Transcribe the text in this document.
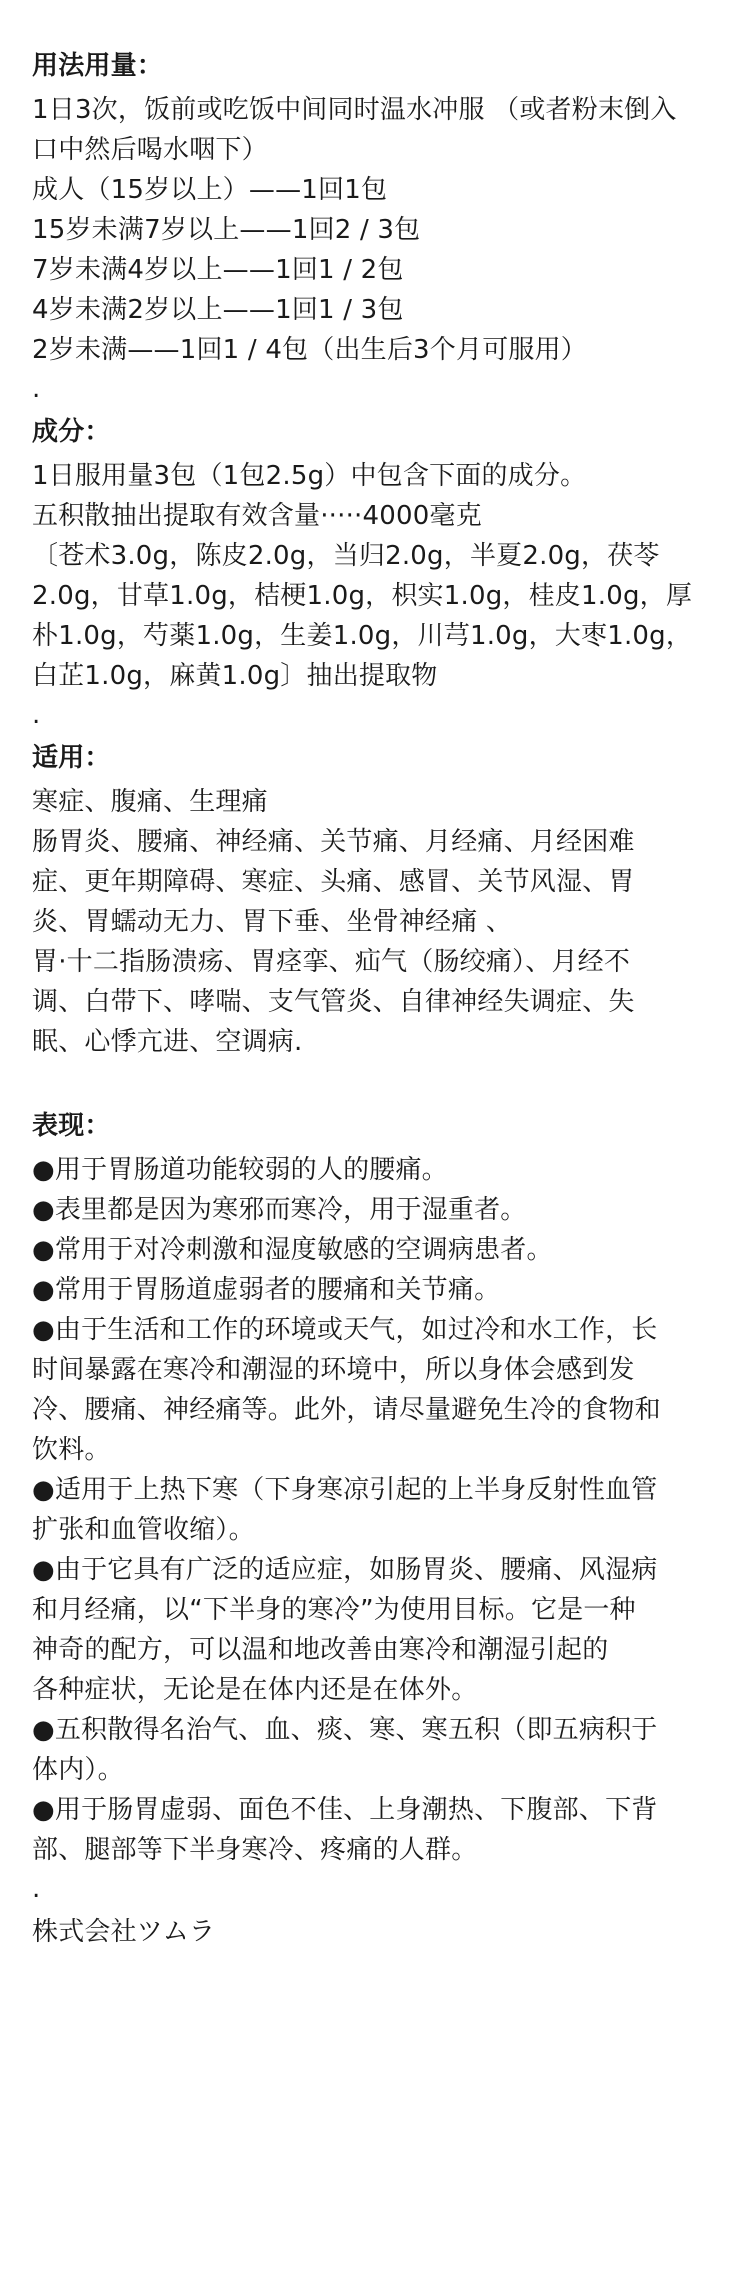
用法用量：
1日3次，饭前或吃饭中间同时温水冲服 （或者粉末倒入
口中然后喝水咽下）
成人（15岁以上）——1回1包
15岁未满7岁以上——1回2 / 3包
7岁未满4岁以上——1回1 / 2包
4岁未满2岁以上——1回1 / 3包
2岁未满——1回1 / 4包（出生后3个月可服用）
.
成分：
1日服用量3包（1包2.5g）中包含下面的成分。
五积散抽出提取有效含量·····4000毫克
〔苍术3.0g，陈皮2.0g，当归2.0g，半夏2.0g，茯苓
2.0g，甘草1.0g，桔梗1.0g，枳实1.0g，桂皮1.0g，厚
朴1.0g，芍薬1.0g，生姜1.0g，川芎1.0g，大枣1.0g，
白芷1.0g，麻黄1.0g〕抽出提取物
.
适用：
寒症、腹痛、生理痛
肠胃炎、腰痛、神经痛、关节痛、月经痛、月经困难
症、更年期障碍、寒症、头痛、感冒、关节风湿、胃
炎、胃蠕动无力、胃下垂、坐骨神经痛 、
胃·十二指肠溃疡、胃痉挛、疝气（肠绞痛）、月经不
调、白带下、哮喘、支气管炎、自律神经失调症、失
眠、心悸亢进、空调病.
表现：
●用于胃肠道功能较弱的人的腰痛。
●表里都是因为寒邪而寒冷，用于湿重者。
●常用于对冷刺激和湿度敏感的空调病患者。
●常用于胃肠道虚弱者的腰痛和关节痛。
●由于生活和工作的环境或天气，如过冷和水工作，长
时间暴露在寒冷和潮湿的环境中，所以身体会感到发
冷、腰痛、神经痛等。此外，请尽量避免生冷的食物和
饮料。
●适用于上热下寒（下身寒凉引起的上半身反射性血管
扩张和血管收缩）。
●由于它具有广泛的适应症，如肠胃炎、腰痛、风湿病
和月经痛，以“下半身的寒冷”为使用目标。它是一种
神奇的配方，可以温和地改善由寒冷和潮湿引起的
各种症状，无论是在体内还是在体外。
●五积散得名治气、血、痰、寒、寒五积（即五病积于
体内）。
●用于肠胃虚弱、面色不佳、上身潮热、下腹部、下背
部、腿部等下半身寒冷、疼痛的人群。
.
株式会社ツムラ
